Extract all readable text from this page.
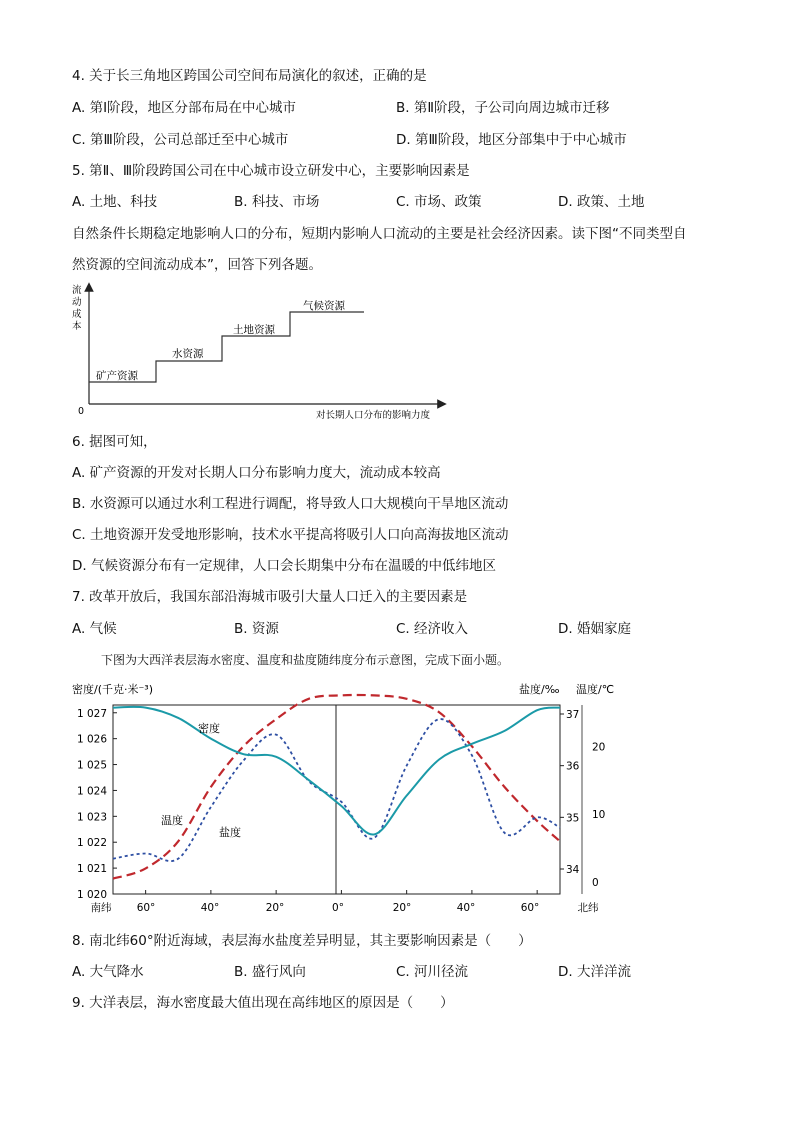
4. 关于长三角地区跨国公司空间布局演化的叙述，正确的是
A. 第Ⅰ阶段，地区分部布局在中心城市	B. 第Ⅱ阶段，子公司向周边城市迁移
C. 第Ⅲ阶段，公司总部迁至中心城市	D. 第Ⅲ阶段，地区分部集中于中心城市
5. 第Ⅱ、Ⅲ阶段跨国公司在中心城市设立研发中心，主要影响因素是
A. 土地、科技	B. 科技、市场	C. 市场、政策	D. 政策、土地
自然条件长期稳定地影响人口的分布，短期内影响人口流动的主要是社会经济因素。读下图“不同类型自
然资源的空间流动成本”，回答下列各题。
流
动
成
本
0	对长期人口分布的影响力度
矿产资源
水资源
土地资源
气候资源
6. 据图可知，
A. 矿产资源的开发对长期人口分布影响力度大，流动成本较高
B. 水资源可以通过水利工程进行调配，将导致人口大规模向干旱地区流动
C. 土地资源开发受地形影响，技术水平提高将吸引人口向高海拔地区流动
D. 气候资源分布有一定规律，人口会长期集中分布在温暖的中低纬地区
7. 改革开放后，我国东部沿海城市吸引大量人口迁入的主要因素是
A. 气候	B. 资源	C. 经济收入	D. 婚姻家庭
下图为大西洋表层海水密度、温度和盐度随纬度分布示意图，完成下面小题。
密度/(千克·米⁻³)	盐度/‰ 温度/℃
1 027
1 026
1 025
1 024
1 023
1 022
1 021
1 020
37
36
35
34
20
10
0
南纬 60°	40°	20°	0°	20°	40°	60°	北纬
密度
温度
盐度
8. 南北纬60°附近海域，表层海水盐度差异明显，其主要影响因素是（　　）
A. 大气降水	B. 盛行风向	C. 河川径流	D. 大洋洋流
9. 大洋表层，海水密度最大值出现在高纬地区的原因是（　　）
